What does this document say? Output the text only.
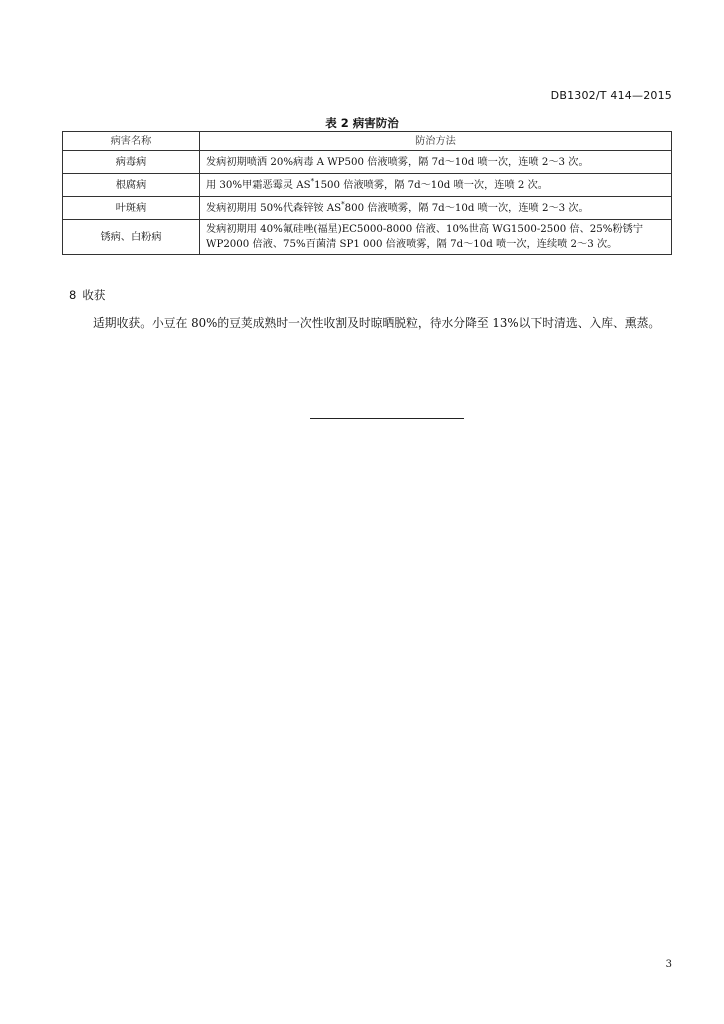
DB1302/T 414—2015
表 2 病害防治
病害名称	防治方法
病毒病	发病初期喷洒 20%病毒 A WP500 倍液喷雾，隔 7d～10d 喷一次，连喷 2～3 次。
根腐病	用 30%甲霜恶霉灵 AS*1500 倍液喷雾，隔 7d～10d 喷一次，连喷 2 次。
叶斑病	发病初期用 50%代森锌铵 AS*800 倍液喷雾，隔 7d～10d 喷一次，连喷 2～3 次。
锈病、白粉病	发病初期用 40%氟硅唑(福星)EC5000-8000 倍液、10%世高 WG1500-2500 倍、25%粉锈宁 WP2000 倍液、75%百菌清 SP1 000 倍液喷雾，隔 7d～10d 喷一次，连续喷 2～3 次。
8 收获
适期收获。小豆在 80%的豆荚成熟时一次性收割及时晾晒脱粒，待水分降至 13%以下时清选、入库、熏蒸。
3
